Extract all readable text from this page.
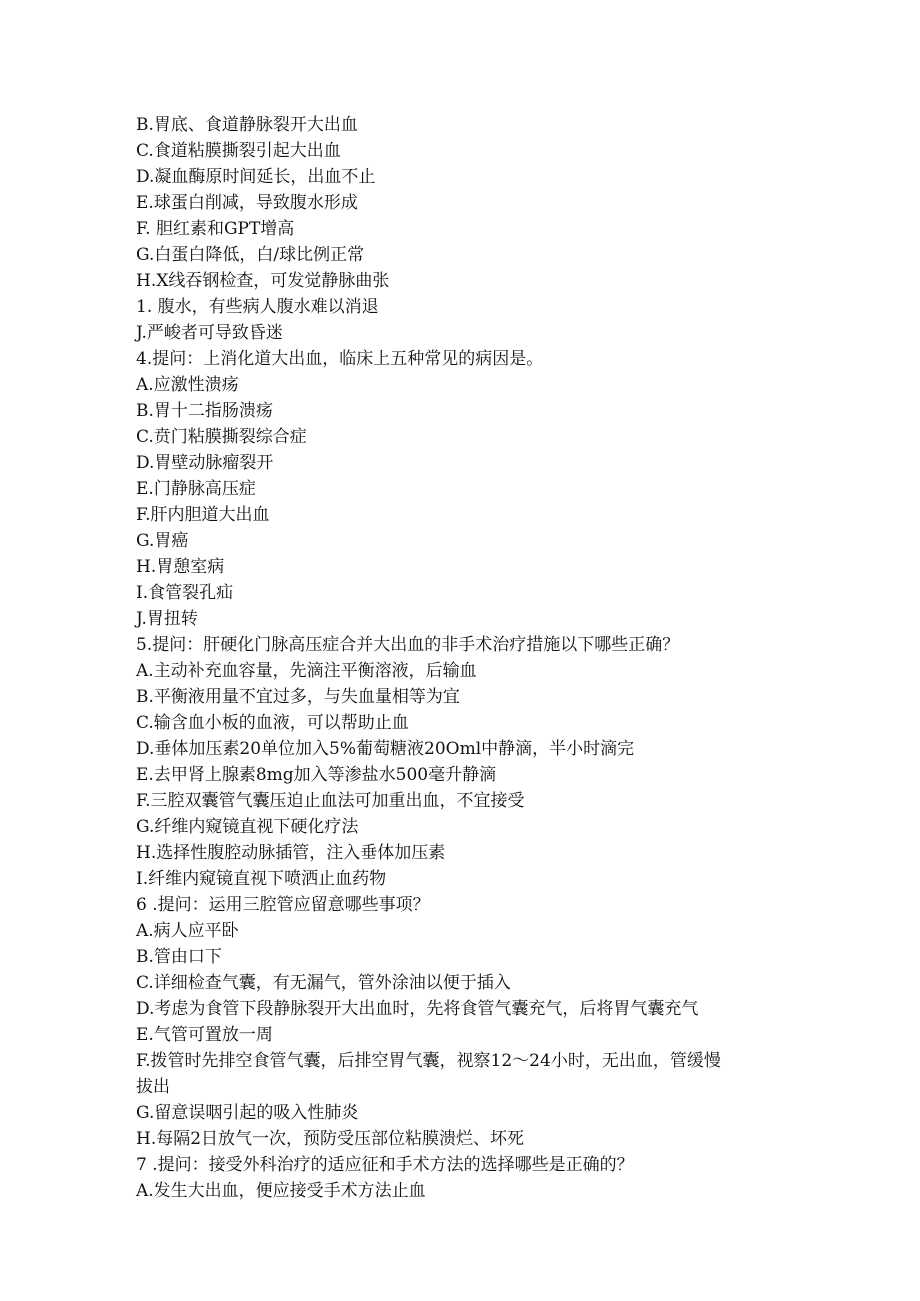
B.胃底、食道静脉裂开大出血
C.食道粘膜撕裂引起大出血
D.凝血酶原时间延长，出血不止
E.球蛋白削减，导致腹水形成
F. 胆红素和GPT增高
G.白蛋白降低，白/球比例正常
H.X线吞钢检查，可发觉静脉曲张
1. 腹水，有些病人腹水难以消退
J.严峻者可导致昏迷
4.提问：上消化道大出血，临床上五种常见的病因是。
A.应激性溃疡
B.胃十二指肠溃疡
C.贲门粘膜撕裂综合症
D.胃壁动脉瘤裂开
E.门静脉高压症
F.肝内胆道大出血
G.胃癌
H.胃憩室病
I.食管裂孔疝
J.胃扭转
5.提问：肝硬化门脉高压症合并大出血的非手术治疗措施以下哪些正确？
A.主动补充血容量，先滴注平衡溶液，后输血
B.平衡液用量不宜过多，与失血量相等为宜
C.输含血小板的血液，可以帮助止血
D.垂体加压素20单位加入5%葡萄糖液20Oml中静滴，半小时滴完
E.去甲肾上腺素8mg加入等渗盐水500毫升静滴
F.三腔双囊管气囊压迫止血法可加重出血，不宜接受
G.纤维内窥镜直视下硬化疗法
H.选择性腹腔动脉插管，注入垂体加压素
I.纤维内窥镜直视下喷洒止血药物
6 .提问：运用三腔管应留意哪些事项？
A.病人应平卧
B.管由口下
C.详细检查气囊，有无漏气，管外涂油以便于插入
D.考虑为食管下段静脉裂开大出血时，先将食管气囊充气，后将胃气囊充气
E.气管可置放一周
F.拨管时先排空食管气囊，后排空胃气囊，视察12～24小时，无出血，管缓慢
拔出
G.留意误咽引起的吸入性肺炎
H.每隔2日放气一次，预防受压部位粘膜溃烂、坏死
7 .提问：接受外科治疗的适应征和手术方法的选择哪些是正确的？
A.发生大出血，便应接受手术方法止血
